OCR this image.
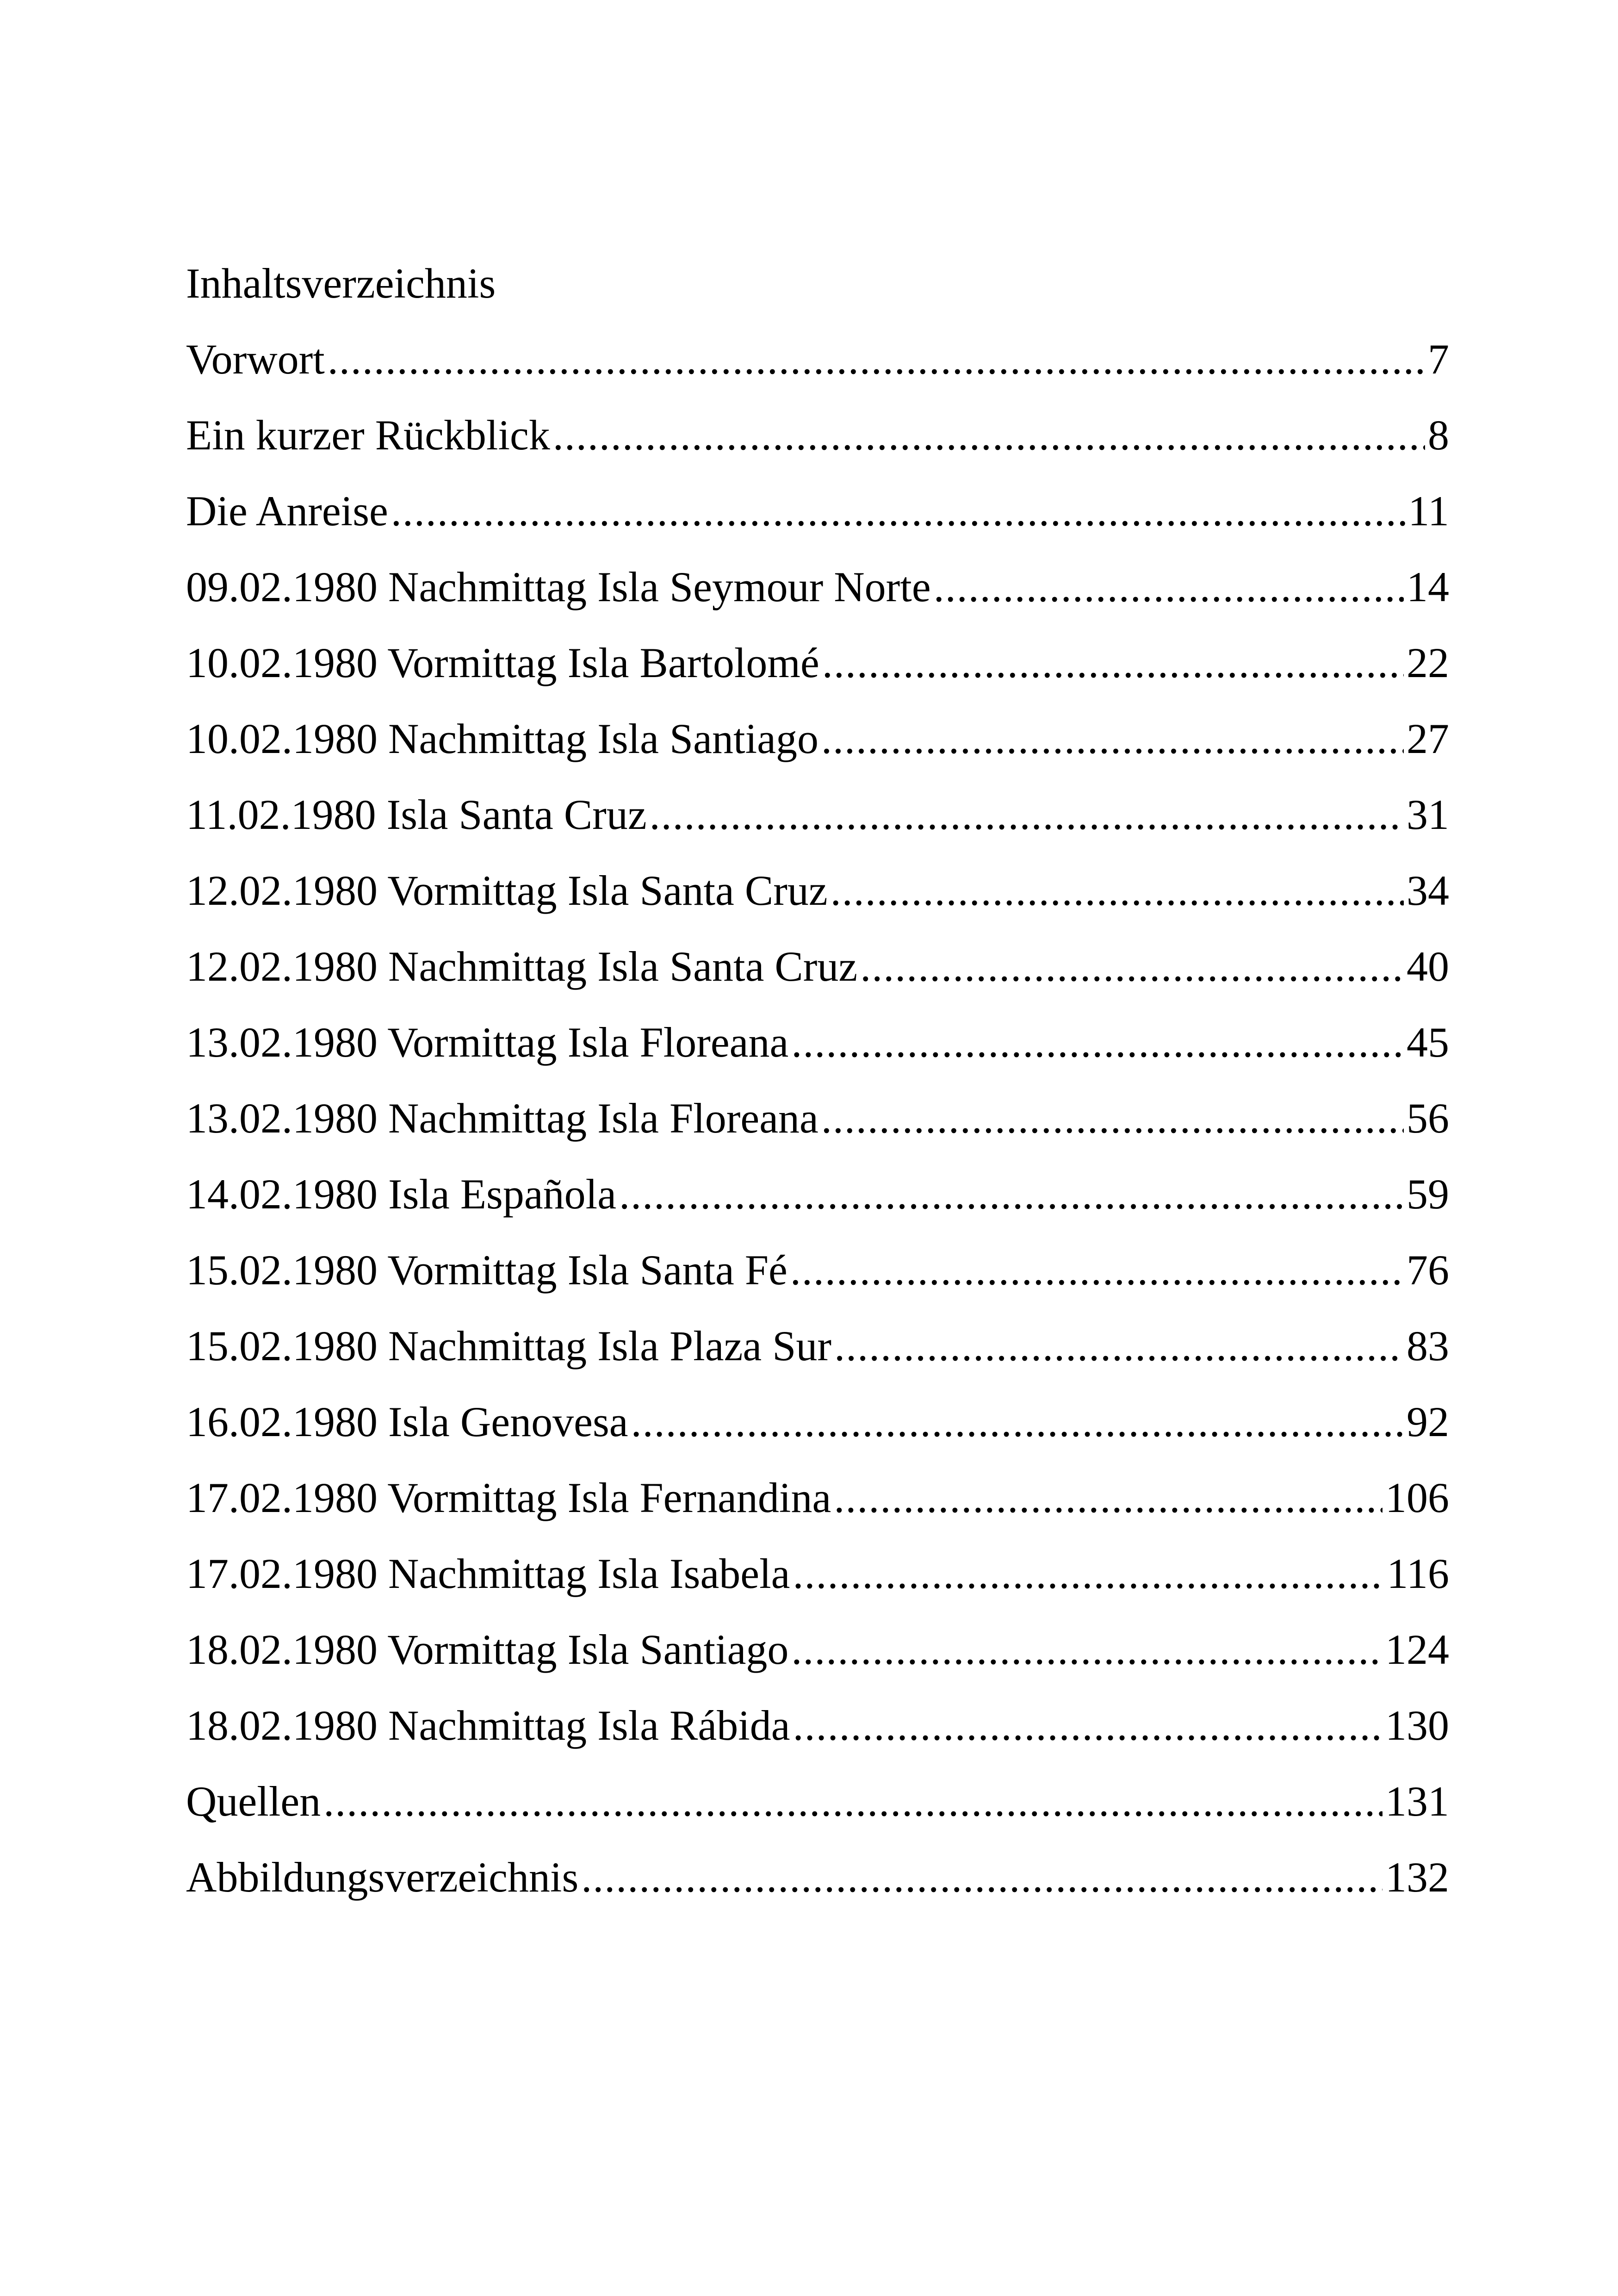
Inhaltsverzeichnis
Vorwort .....	7
Ein kurzer Rückblick .....	8
Die Anreise .....	11
09.02.1980 Nachmittag Isla Seymour Norte .....	14
10.02.1980 Vormittag Isla Bartolomé .....	22
10.02.1980 Nachmittag Isla Santiago .....	27
11.02.1980 Isla Santa Cruz .....	31
12.02.1980 Vormittag Isla Santa Cruz .....	34
12.02.1980 Nachmittag Isla Santa Cruz .....	40
13.02.1980 Vormittag Isla Floreana .....	45
13.02.1980 Nachmittag Isla Floreana .....	56
14.02.1980 Isla Española .....	59
15.02.1980 Vormittag Isla Santa Fé .....	76
15.02.1980 Nachmittag Isla Plaza Sur .....	83
16.02.1980 Isla Genovesa .....	92
17.02.1980 Vormittag Isla Fernandina .....	106
17.02.1980 Nachmittag Isla Isabela .....	116
18.02.1980 Vormittag Isla Santiago .....	124
18.02.1980 Nachmittag Isla Rábida .....	130
Quellen .....	131
Abbildungsverzeichnis .....	132
